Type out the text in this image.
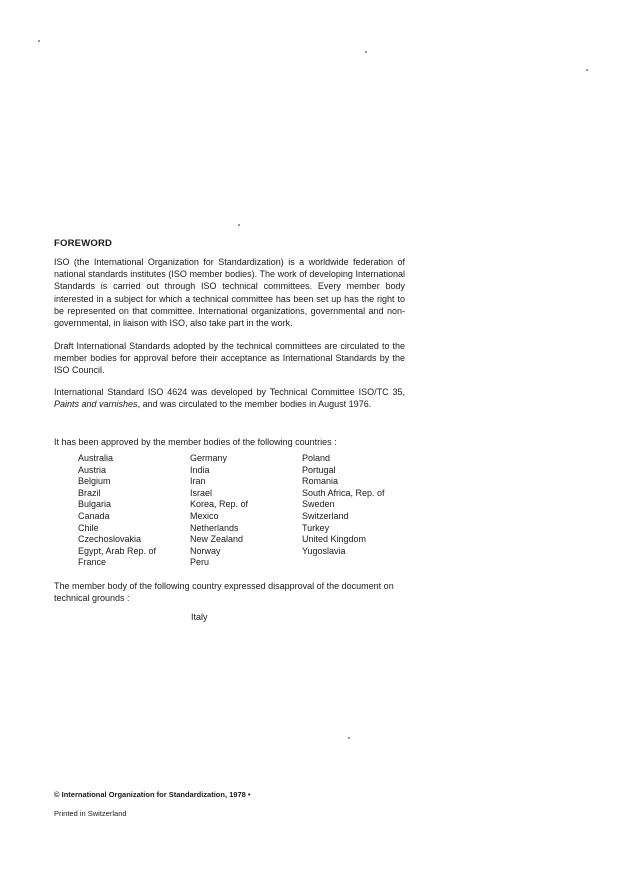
FOREWORD

ISO (the International Organization for Standardization) is a worldwide federation of national standards institutes (ISO member bodies). The work of developing International Standards is carried out through ISO technical committees. Every member body interested in a subject for which a technical committee has been set up has the right to be represented on that committee. International organizations, governmental and non-governmental, in liaison with ISO, also take part in the work.

Draft International Standards adopted by the technical committees are circulated to the member bodies for approval before their acceptance as International Standards by the ISO Council.

International Standard ISO 4624 was developed by Technical Committee ISO/TC 35, Paints and varnishes, and was circulated to the member bodies in August 1976.

It has been approved by the member bodies of the following countries :

Australia
Austria
Belgium
Brazil
Bulgaria
Canada
Chile
Czechoslovakia
Egypt, Arab Rep. of
France
Germany
India
Iran
Israel
Korea, Rep. of
Mexico
Netherlands
New Zealand
Norway
Peru
Poland
Portugal
Romania
South Africa, Rep. of
Sweden
Switzerland
Turkey
United Kingdom
Yugoslavia

The member body of the following country expressed disapproval of the document on technical grounds :

Italy
© International Organization for Standardization, 1978 •
Printed in Switzerland
